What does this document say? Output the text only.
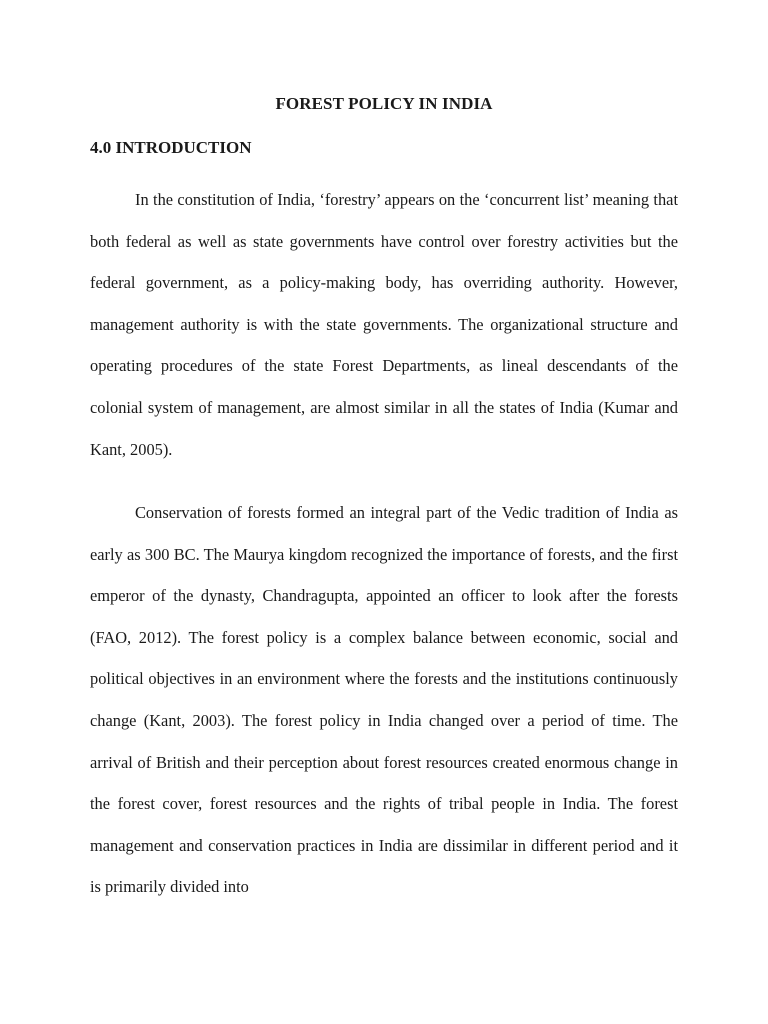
FOREST POLICY IN INDIA
4.0 INTRODUCTION

In the constitution of India, ‘forestry’ appears on the ‘concurrent list’ meaning that both federal as well as state governments have control over forestry activities but the federal government, as a policy-making body, has overriding authority. However, management authority is with the state governments. The organizational structure and operating procedures of the state Forest Departments, as lineal descendants of the colonial system of management, are almost similar in all the states of India (Kumar and Kant, 2005).

Conservation of forests formed an integral part of the Vedic tradition of India as early as 300 BC. The Maurya kingdom recognized the importance of forests, and the first emperor of the dynasty, Chandragupta, appointed an officer to look after the forests (FAO, 2012). The forest policy is a complex balance between economic, social and political objectives in an environment where the forests and the institutions continuously change (Kant, 2003). The forest policy in India changed over a period of time. The arrival of British and their perception about forest resources created enormous change in the forest cover, forest resources and the rights of tribal people in India. The forest management and conservation practices in India are dissimilar in different period and it is primarily divided into
